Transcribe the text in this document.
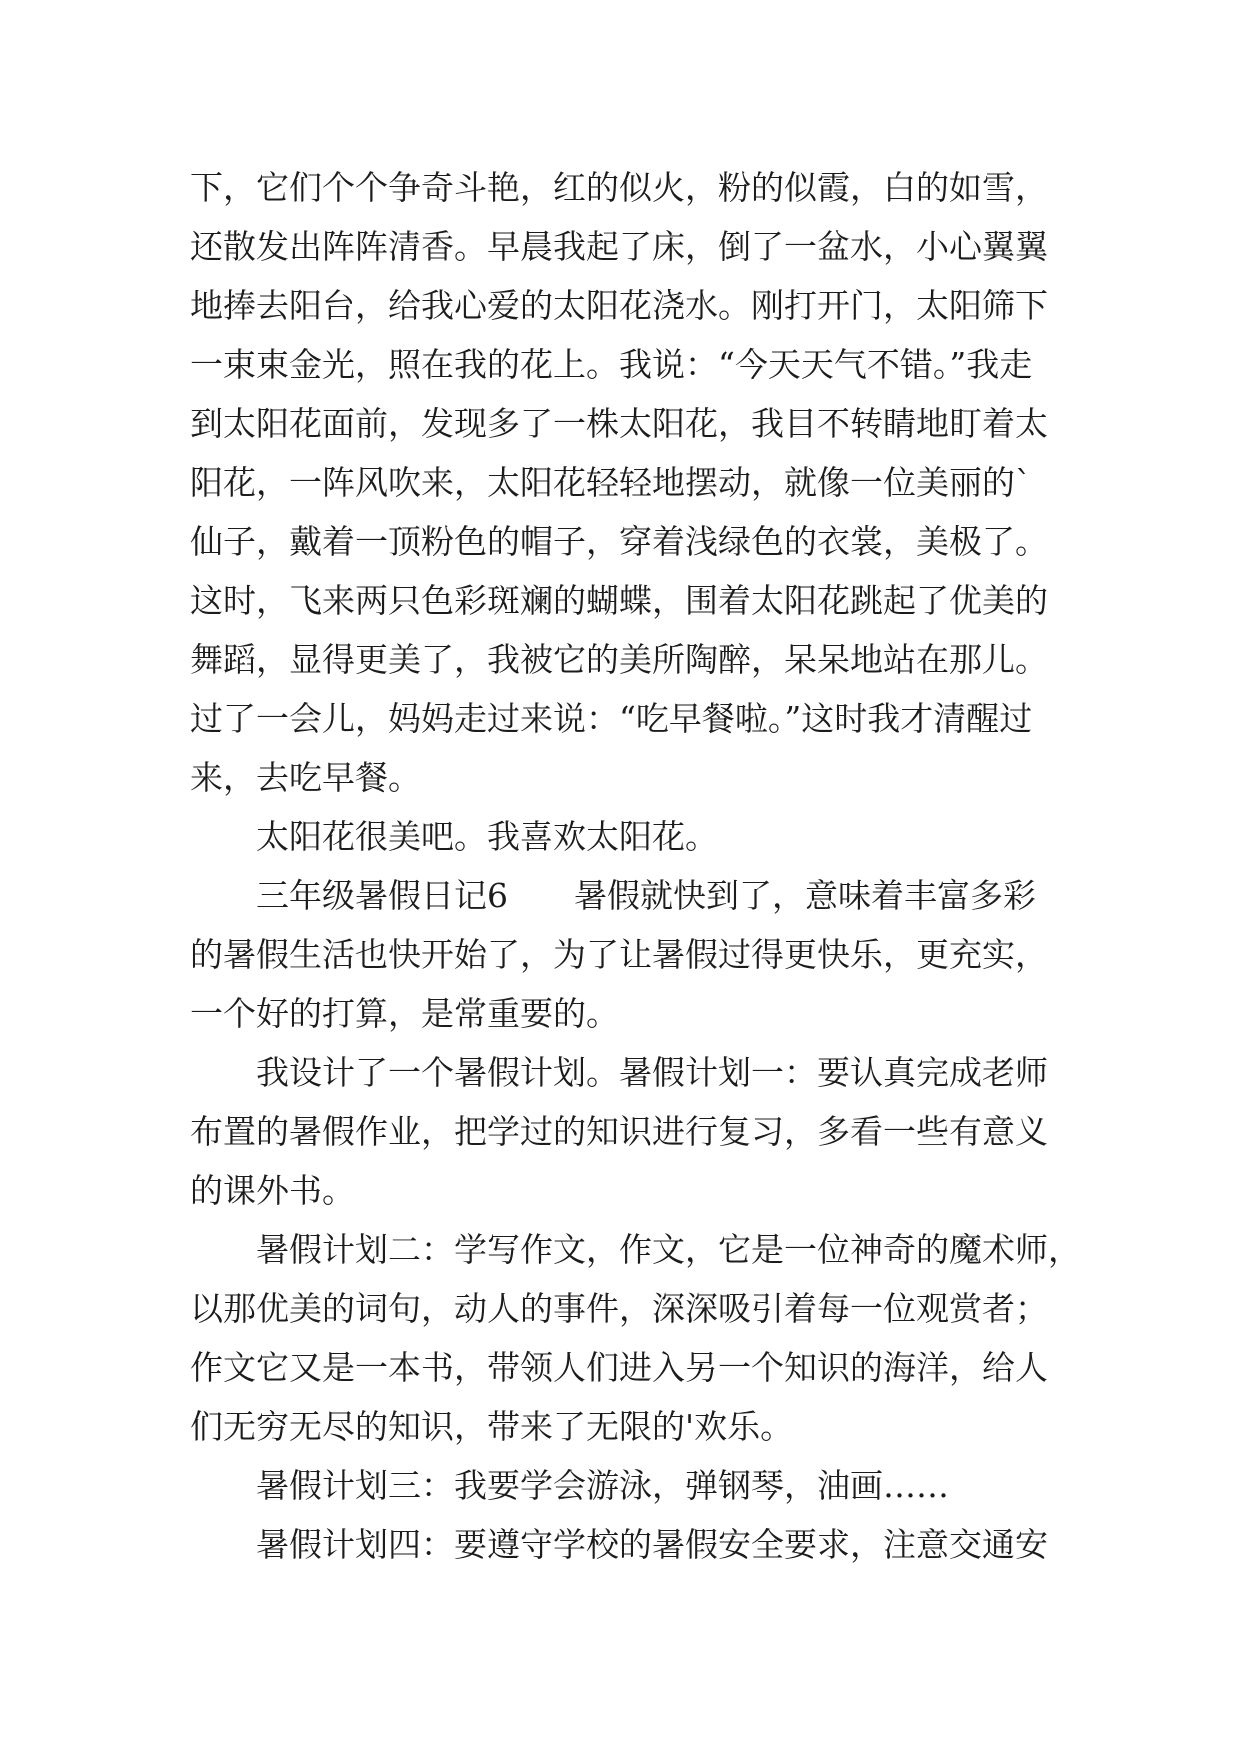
下，它们个个争奇斗艳，红的似火，粉的似霞，白的如雪，
还散发出阵阵清香。早晨我起了床，倒了一盆水，小心翼翼
地捧去阳台，给我心爱的太阳花浇水。刚打开门，太阳筛下
一束束金光，照在我的花上。我说：“今天天气不错。”我走
到太阳花面前，发现多了一株太阳花，我目不转睛地盯着太
阳花，一阵风吹来，太阳花轻轻地摆动，就像一位美丽的`
仙子，戴着一顶粉色的帽子，穿着浅绿色的衣裳，美极了。
这时，飞来两只色彩斑斓的蝴蝶，围着太阳花跳起了优美的
舞蹈，显得更美了，我被它的美所陶醉，呆呆地站在那儿。
过了一会儿，妈妈走过来说：“吃早餐啦。”这时我才清醒过
来，去吃早餐。
太阳花很美吧。我喜欢太阳花。
三年级暑假日记6　　暑假就快到了，意味着丰富多彩
的暑假生活也快开始了，为了让暑假过得更快乐，更充实，
一个好的打算，是常重要的。
我设计了一个暑假计划。暑假计划一：要认真完成老师
布置的暑假作业，把学过的知识进行复习，多看一些有意义
的课外书。
暑假计划二：学写作文，作文，它是一位神奇的魔术师，
以那优美的词句，动人的事件，深深吸引着每一位观赏者；
作文它又是一本书，带领人们进入另一个知识的海洋，给人
们无穷无尽的知识，带来了无限的'欢乐。
暑假计划三：我要学会游泳，弹钢琴，油画……
暑假计划四：要遵守学校的暑假安全要求，注意交通安
